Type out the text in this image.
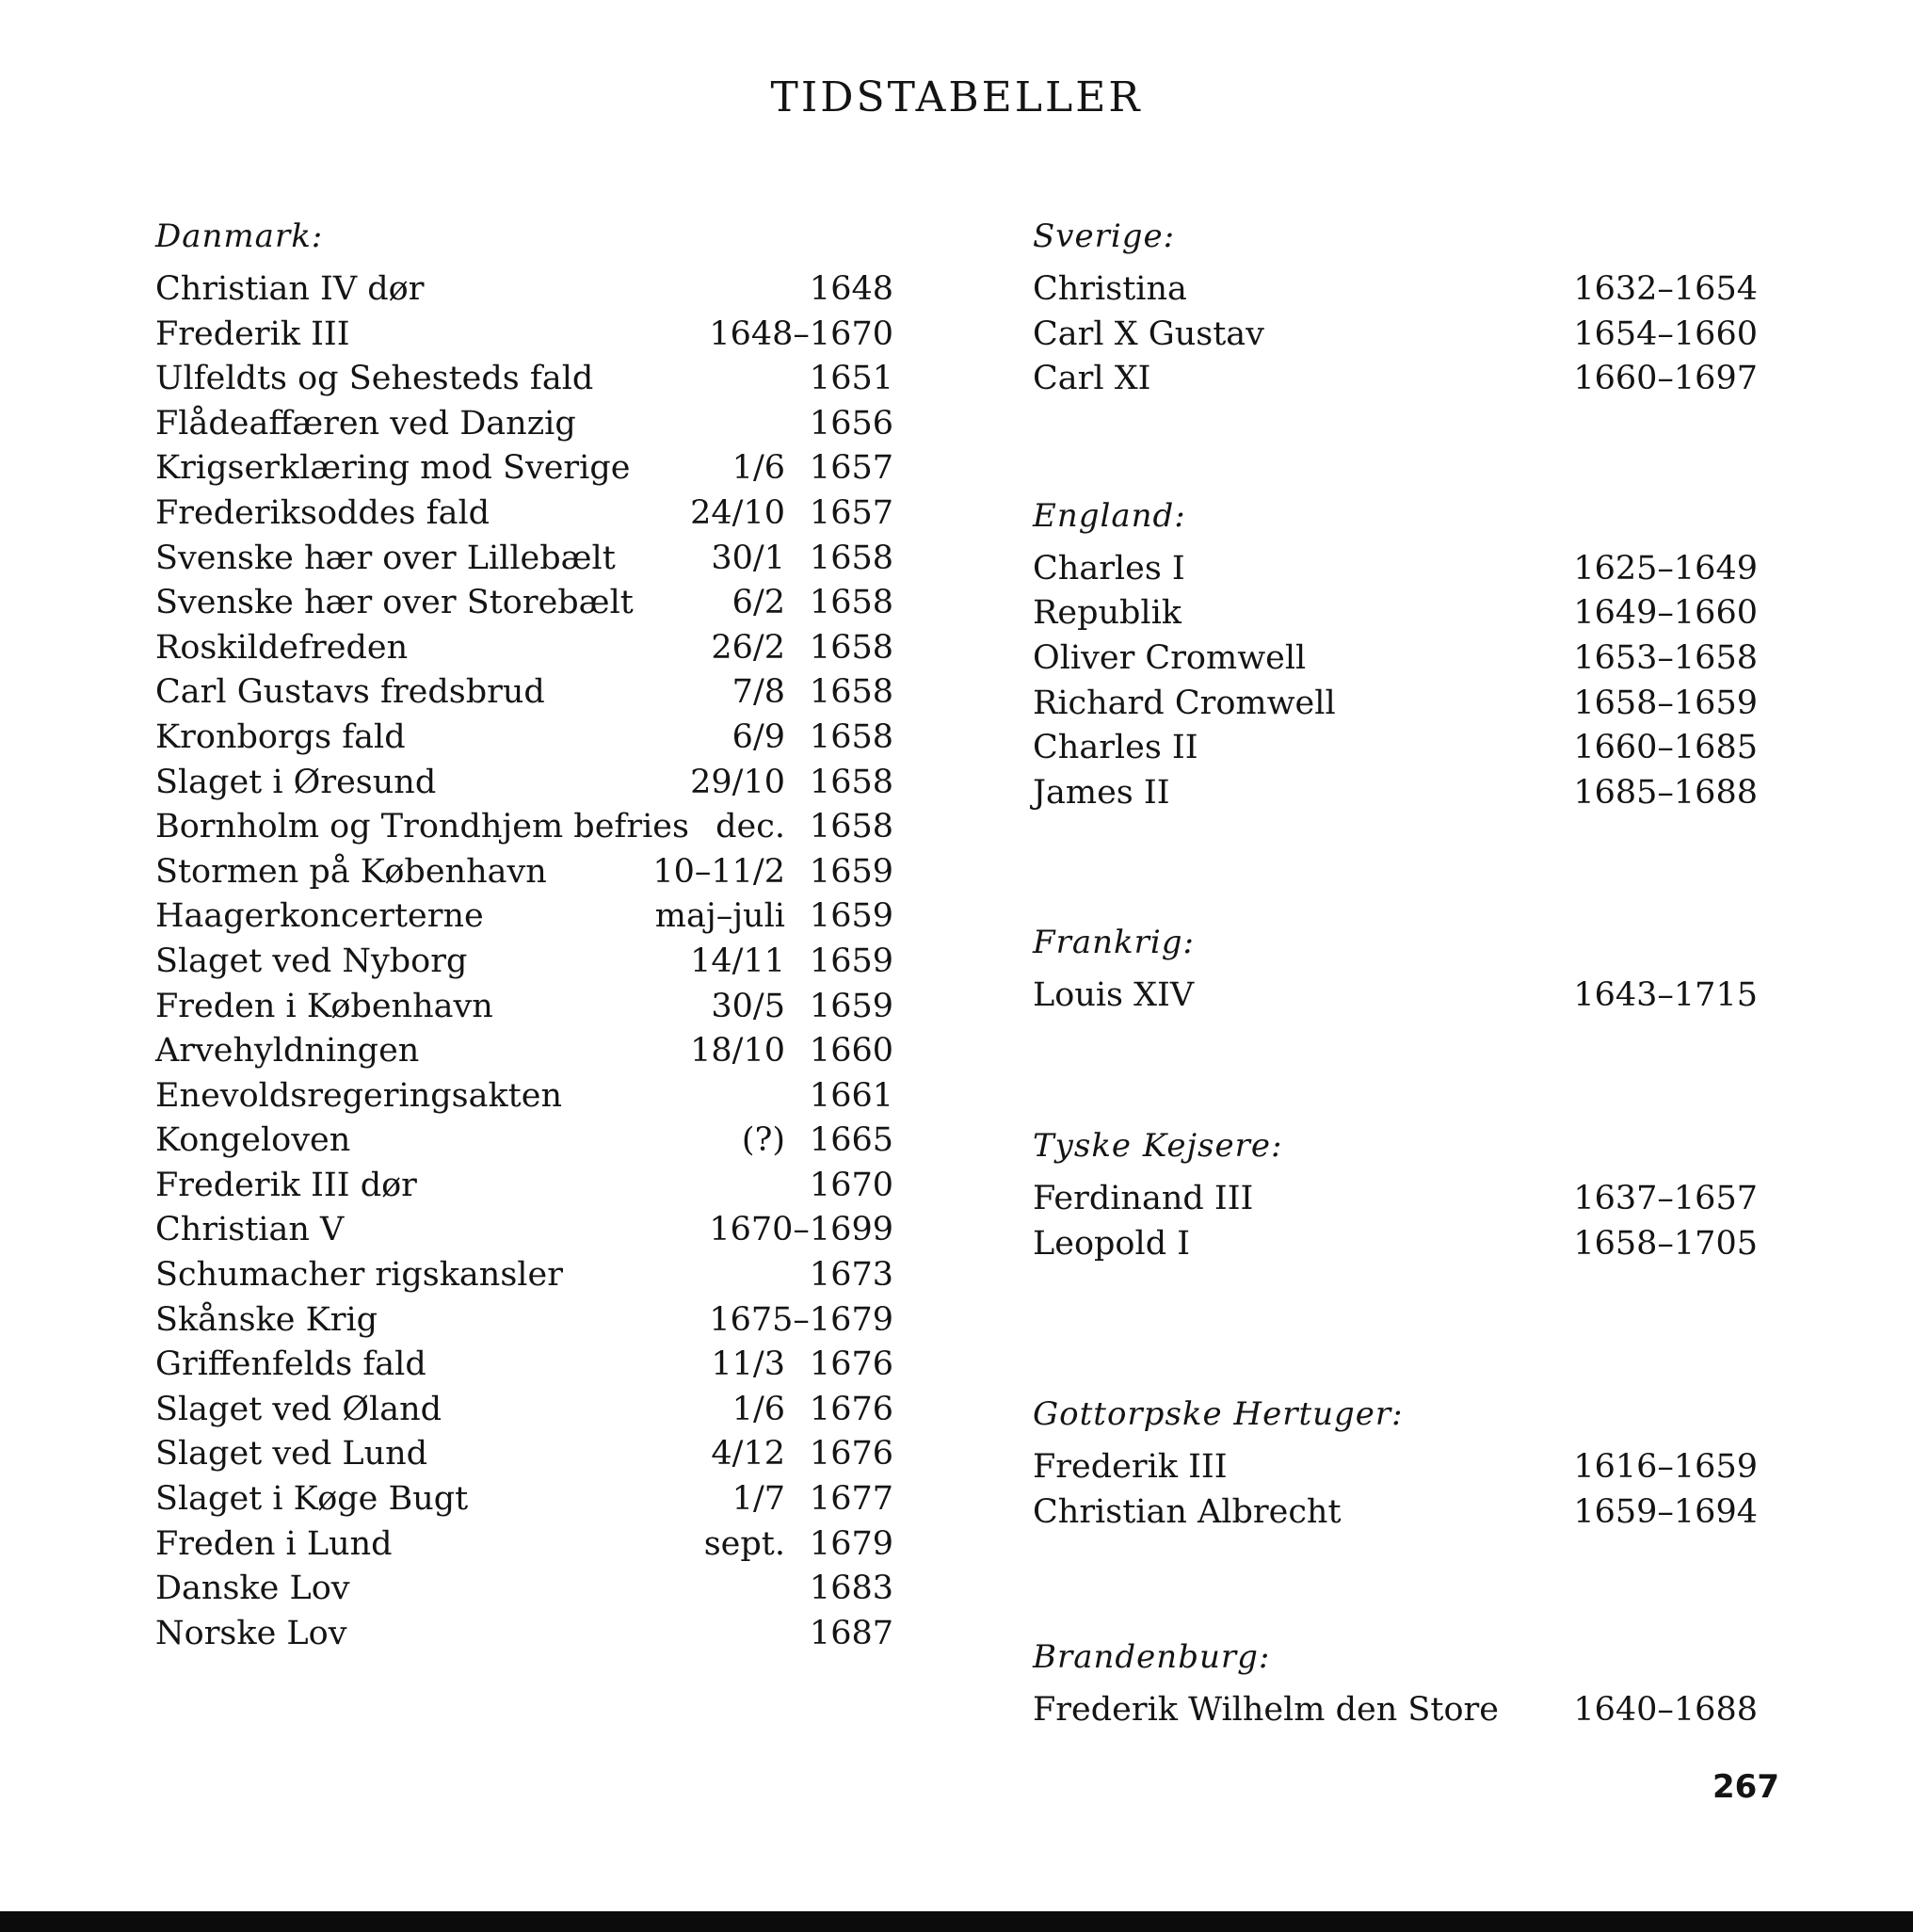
TIDSTABELLER
Danmark:
Christian IV dør	1648
Frederik III	1648–1670
Ulfeldts og Sehesteds fald	1651
Flådeaffæren ved Danzig	1656
Krigserklæring mod Sverige	1/6 1657
Frederiksoddes fald	24/10 1657
Svenske hær over Lillebælt	30/1 1658
Svenske hær over Storebælt	6/2 1658
Roskildefreden	26/2 1658
Carl Gustavs fredsbrud	7/8 1658
Kronborgs fald	6/9 1658
Slaget i Øresund	29/10 1658
Bornholm og Trondhjem befries dec. 1658
Stormen på København	10–11/2 1659
Haagerkoncerterne	maj–juli 1659
Slaget ved Nyborg	14/11 1659
Freden i København	30/5 1659
Arvehyldningen	18/10 1660
Enevoldsregeringsakten	1661
Kongeloven	(?) 1665
Frederik III dør	1670
Christian V	1670–1699
Schumacher rigskansler	1673
Skånske Krig	1675–1679
Griffenfelds fald	11/3 1676
Slaget ved Øland	1/6 1676
Slaget ved Lund	4/12 1676
Slaget i Køge Bugt	1/7 1677
Freden i Lund	sept. 1679
Danske Lov	1683
Norske Lov	1687
Sverige:
Christina	1632–1654
Carl X Gustav	1654–1660
Carl XI	1660–1697
England:
Charles I	1625–1649
Republik	1649–1660
Oliver Cromwell	1653–1658
Richard Cromwell	1658–1659
Charles II	1660–1685
James II	1685–1688
Frankrig:
Louis XIV	1643–1715
Tyske Kejsere:
Ferdinand III	1637–1657
Leopold I	1658–1705
Gottorpske Hertuger:
Frederik III	1616–1659
Christian Albrecht	1659–1694
Brandenburg:
Frederik Wilhelm den Store 1640–1688
267
